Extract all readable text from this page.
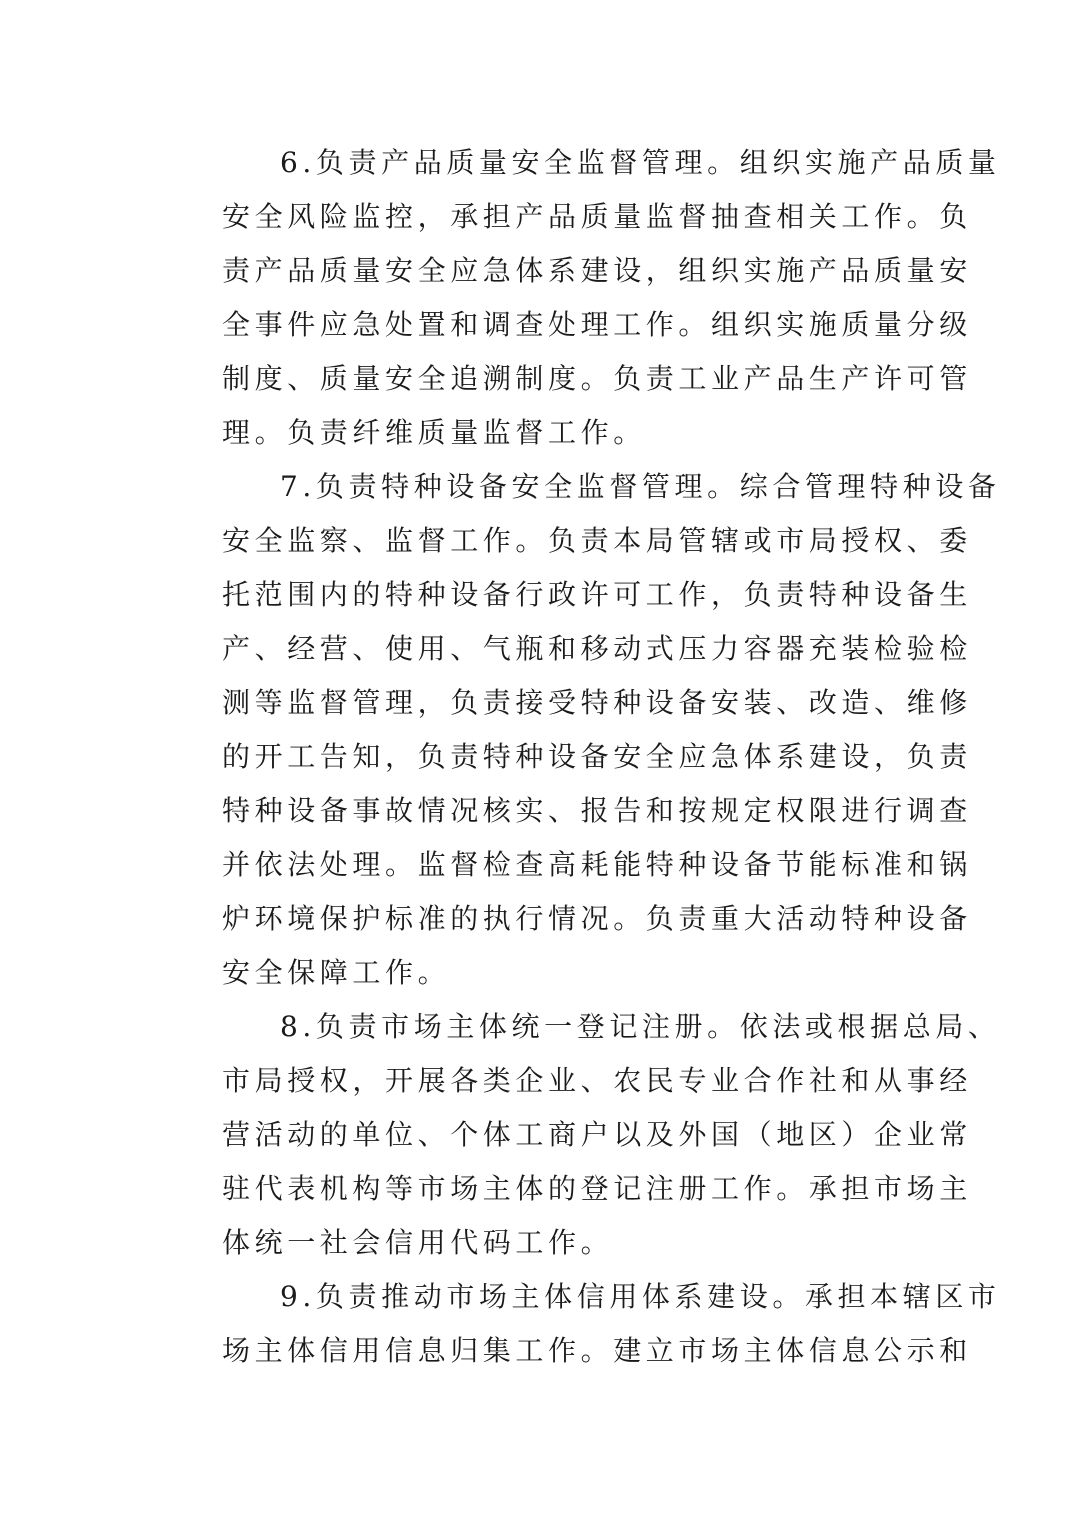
6.负责产品质量安全监督管理。组织实施产品质量
安全风险监控，承担产品质量监督抽查相关工作。负
责产品质量安全应急体系建设，组织实施产品质量安
全事件应急处置和调查处理工作。组织实施质量分级
制度、质量安全追溯制度。负责工业产品生产许可管
理。负责纤维质量监督工作。
7.负责特种设备安全监督管理。综合管理特种设备
安全监察、监督工作。负责本局管辖或市局授权、委
托范围内的特种设备行政许可工作，负责特种设备生
产、经营、使用、气瓶和移动式压力容器充装检验检
测等监督管理，负责接受特种设备安装、改造、维修
的开工告知，负责特种设备安全应急体系建设，负责
特种设备事故情况核实、报告和按规定权限进行调查
并依法处理。监督检查高耗能特种设备节能标准和锅
炉环境保护标准的执行情况。负责重大活动特种设备
安全保障工作。
8.负责市场主体统一登记注册。依法或根据总局、
市局授权，开展各类企业、农民专业合作社和从事经
营活动的单位、个体工商户以及外国（地区）企业常
驻代表机构等市场主体的登记注册工作。承担市场主
体统一社会信用代码工作。
9.负责推动市场主体信用体系建设。承担本辖区市
场主体信用信息归集工作。建立市场主体信息公示和
